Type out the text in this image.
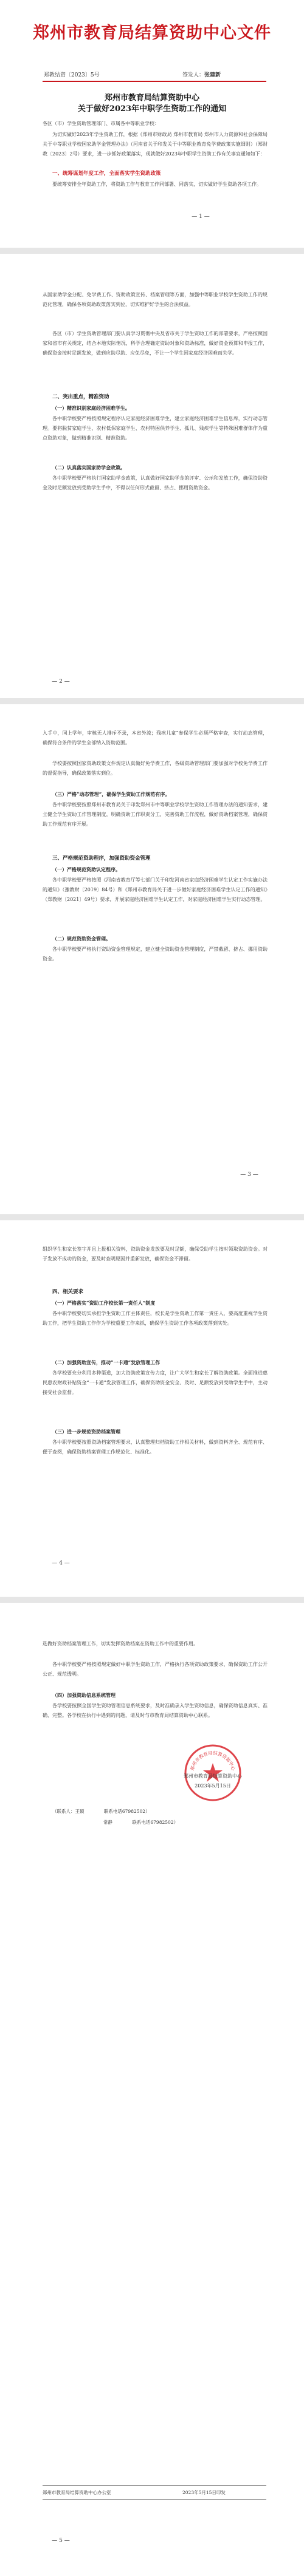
郑州市教育局结算资助中心文件
郑教结资〔2023〕5号	签发人：张建新
郑州市教育局结算资助中心
关于做好2023年中职学生资助工作的通知
各区（市）学生资助管理部门、市属各中等职业学校：
为切实做好2023年学生资助工作，根据《郑州市财政局 郑州市教育局 郑州市人力资源和社会保障局关于中等职业学校国家助学金管理办法》（河南省关于印发关于中等职业教育免学费政策实施细则）（郑财教〔2023〕2号）要求，进一步抓好政策落实，现就做好2023年中职学生资助工作有关事宜通知如下：
一、统筹谋划年度工作，全面落实学生资助政策
要统筹安排全年资助工作，将资助工作与教育工作同部署、同落实，切实做好学生资助各项工作。
— 1 —
从国家助学金分配、免学费工作、资助政策宣传、档案管理等方面，加强中等职业学校学生资助工作的规范化管理，确保各项资助政策落实到位，切实维护好学生的合法权益。
各区（市）学生资助管理部门要认真学习贯彻中央及省市关于学生资助工作的部署要求，严格按照国家和省市有关规定，结合本地实际情况，科学合理确定资助对象和资助标准，做好资金预算和申报工作，确保资金按时足额发放，做到应助尽助、应免尽免，不让一个学生因家庭经济困难而失学。
二、突出重点，精准资助
（一）精准识别家庭经济困难学生。
各中职学校要严格按照规定程序认定家庭经济困难学生，建立家庭经济困难学生信息库，实行动态管理。要将脱贫家庭学生、农村低保家庭学生、农村特困供养学生、孤儿、残疾学生等特殊困难群体作为重点资助对象，做到精准识别、精准资助。
（二）认真落实国家助学金政策。
各中职学校要严格执行国家助学金政策，认真做好国家助学金的评审、公示和发放工作，确保资助资金及时足额发放到受助学生手中，不得以任何形式截留、挤占、挪用资助资金。
— 2 —
入手中，同上学年，审核无人排斥不录，本省外流；残疾儿童“参保学生必须严格审查，实行动态管理，确保符合条件的学生全部纳入资助范围。
学校要按照国家资助政策文件规定认真做好免学费工作，各级资助管理部门要加强对学校免学费工作的督促指导，确保政策落实到位。
（三）严格“动态管理”，确保学生资助工作规范有序。
各中职学校要按照郑州市教育局关于印发郑州市中等职业学校学生资助工作管理办法的通知要求，建立健全学生资助工作管理制度，明确资助工作职责分工，完善资助工作流程，做好资助档案管理，确保资助工作规范有序开展。
三、严格规范资助程序，加强资助资金管理
（一）严格规范资助认定程序。
各中职学校要严格按照《河南省教育厅等七部门关于印发河南省家庭经济困难学生认定工作实施办法的通知》（豫教财〔2019〕84号）和《郑州市教育局关于进一步做好家庭经济困难学生认定工作的通知》（郑教财〔2021〕49号）要求，开展家庭经济困难学生认定工作，对家庭经济困难学生实行动态管理。
（二）规范资助资金管理。
各中职学校要严格执行资助资金管理规定，建立健全资助资金管理制度，严禁截留、挤占、挪用资助资金。
— 3 —
组织学生和家长签字并且上报相关资料，资助资金发放要及时足额，确保受助学生按时领取资助资金。对于发放不成功的资金，要及时查明原因并重新发放，确保资金不滞留。
四、相关要求
（一）严格落实“资助工作校长第一责任人”制度
各中职学校要切实承担学生资助工作主体责任，校长是学生资助工作第一责任人，要高度重视学生资助工作，把学生资助工作作为学校重要工作来抓，确保学生资助工作各项政策落到实处。
（二）加强资助宣传，推动“一卡通”发放管理工作
各学校要充分利用多种渠道，加大资助政策宣传力度，让广大学生和家长了解资助政策。全面推进惠民惠农财政补贴资金“一卡通”发放管理工作，确保资助资金安全、及时、足额发放到受助学生手中，主动接受社会监督。
（三）进一步规范资助档案管理
各中职学校要按照资助档案管理要求，认真整理归档资助工作相关材料，做到资料齐全、规范有序、便于查阅，确保资助档案管理工作规范化、标准化。
— 4 —
选做好资助档案管理工作，切实发挥资助档案在资助工作中的重要作用。
各中职学校要严格按照规定做好中职学生资助工作，严格执行各项资助政策要求，确保资助工作公开公正、规范透明。
（四）加强资助信息系统管理
各学校要按照全国学生资助管理信息系统要求，及时准确录入学生资助信息，确保资助信息真实、准确、完整。各学校在执行中遇到的问题，请及时与市教育局结算资助中心联系。
郑州市教育局结算资助中心
郑州市教育局结算资助中心
2023年5月15日
（联系人：王硕	联系电话67982502）
常静	联系电话67982502）
郑州市教育局结算资助中心办公室	2023年5月15日印发
— 5 —
